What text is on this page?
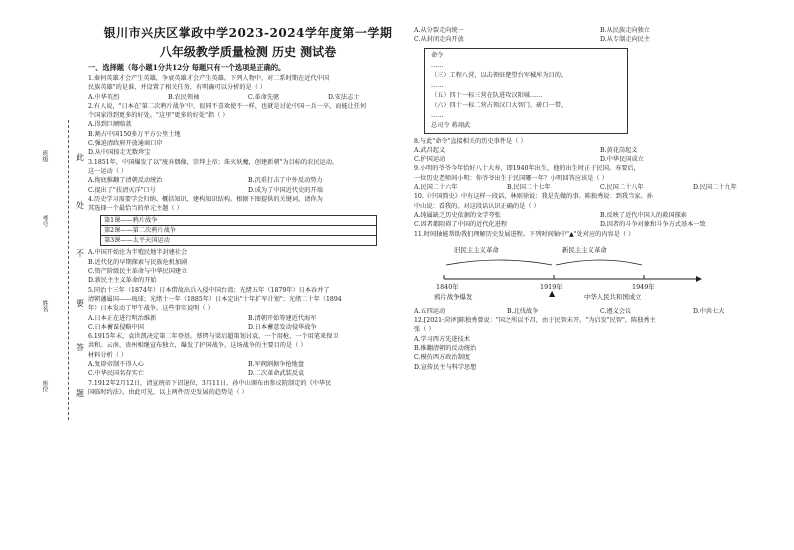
班级
考号
姓名
座位
此
处
不
要
答
题
银川市兴庆区掌政中学2023-2024学年度第一学期
八年级教学质量检测 历史 测试卷
一、选择题（每小题1分共12分 每题只有一个选项是正确的。
1.秦何英雄才会产生英雄，争衰英雄才会产生英雄。下列人物中，对二系时期在近代中国
民族英雄"的是谁，并设置了相关任务，有明确可以分析的是（ ）
A.中华英烈	B.农民领袖	C.革命先驱	D.安法志士
2.有人说，"日本在'第二次鸦片战争'中，很同不喜欢使不一样，也就是讨论中国一兵一卒，而能让任何
个国家得到更多的好处。"这里"更多的好处"指（ ）
A.得到巨额赔款
B.割占中国150多万平方公里土地
C.强迫清政府开放通商口岸
D.从中国掠走无数珍宝
3.1851年，中国爆发了以"废弃偶像，崇拜上帝；诛灭妖魔，创建新朝"为目标的农民运动。
这一运动（ ）
A.彻底推翻了清朝反动统治	B.沉重打击了中外反动势力
C.提出了"扶清灭洋"口号	D.成为了中国近代史的开端
4.历史学习需要学会归纳、概括知识，建构知识结构。根据下图提供的关键词，请你为
其选择一个最恰当的单元主题（ ）
第1课——鸦片战争
第2课——第二次鸦片战争
第3课——太平天国运动
A.中国开始沦为半殖民地半封建社会
B.近代化的早期探索与民族危机加剧
C.资产阶级民主革命与中华民国建立
D.新民主主义革命的开始
5.同治十三年（1874年）日本借故出兵入侵中国台湾；光绪五年（1879年）日本吞并了
清朝藩属国——琉球；光绪十一年（1885年）日本定出"十年扩军计划"；光绪二十年（1894
年）日本发动了甲午战争。这些事实说明（ ）
A.日本正在进行明治维新	B.清朝开始筹建近代海军
C.日本蓄谋侵略中国	D.日本蓄意发动侵华战争
6.1915年末，袁世凯决定第二年登基。蔡锷与梁启超策划讨袁，一个用枪，一个用笔来保卫
共和。云南、贵州相继宣布独立，爆发了护国战争。这场战争的主要目的是（ ）
材料分析（ ）
A.复辟帝制不得人心	B.军阀割据争抢地盘
C.中华民国名存实亡	D.二次革命武装反袁
7.1912年2月12日，清宣统帝下诏退位，3月11日，孙中山颁布由参议院制定的《中华民
国临时约法》。由此可见，以上两件历史发展的趋势是（ ）
A.从分裂走向统一	B.从民族走向独立
C.从封闭走向开放	D.从专制走向民主
命令
……
（三）工程八营，以击领驻楚望台军械库为目的。
……
（五）四十一标三营在队进攻汉阳城……
（六）四十一标二营占领汉口大智门、硚口一带。
……
总司令 蒋翊武
8.与此"命令"直接相关的历史事件是（ ）
A.武昌起义	B.黄花岗起义
C.护国运动	D.中华民国成立
9.小明的爷爷今年恰好八十大寿，即1940年出生，他的出生时正于民国。寿要后，
一位历史老师问小明：你爷爷出生于民国哪一年？小明回答应该是（ ）
A.民国二十六年	B.民国二十七年	C.民国二十八年	D.民国二十九年
10.《中国简史》中有这样一段话，林则徐说：我是先做的事。陈独秀说：到我当家。孙
中山说：看我的。对这段话认识正确的是（ ）
A.纯属缺乏历史依据的文学夸张	B.反映了近代中国人的救国探索
C.因者都阻碍了中国的近代化进程	D.因者的斗争对象和斗争方式基本一致
11.时间轴能帮助我们理解历史发展进程。下列时间轴中"▲"处对应的内容是（ ）
旧民主主义革命	新民主主义革命
1840年	1919年	1949年
鸦片战争爆发	▲	中华人民共和国成立
A.五四运动	B.北伐战争	C.遵义会议	D.中共七大
12.[2021·菏泽]陈独秀曾说："国之所以不昌，由于民智未开。"为启发"民智"，陈独秀主
张（ ）
A.学习西方先进技术
B.推翻清朝的反动统治
C.模仿西方政治制度
D.宣传民主与科学思想
